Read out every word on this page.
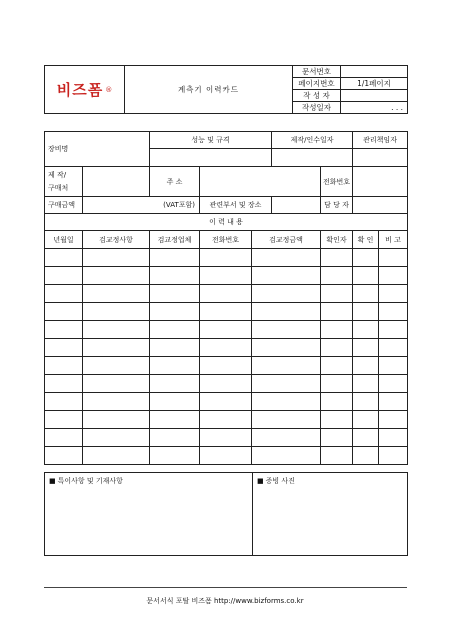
비즈폼 ®	계측기 이력카드	문서번호	
		페이지번호	1/1페이지
		작 성 자	
		작성일자	. . .
장비명		성능 및 규격			제작/인수일자		관리책임자	

제 작/
구매처		주 소				전화번호		
구매금액	(VAT포함)		관련부서 및 장소			담 당 자		
이 력 내 용								
년월일	검교정사항	검교정업체	전화번호	검교정금액		확인자	확 인	비 고

■ 특이사항 및 기재사항	■ 증빙 사진
문서서식 포탈 비즈폼 http://www.bizforms.co.kr
